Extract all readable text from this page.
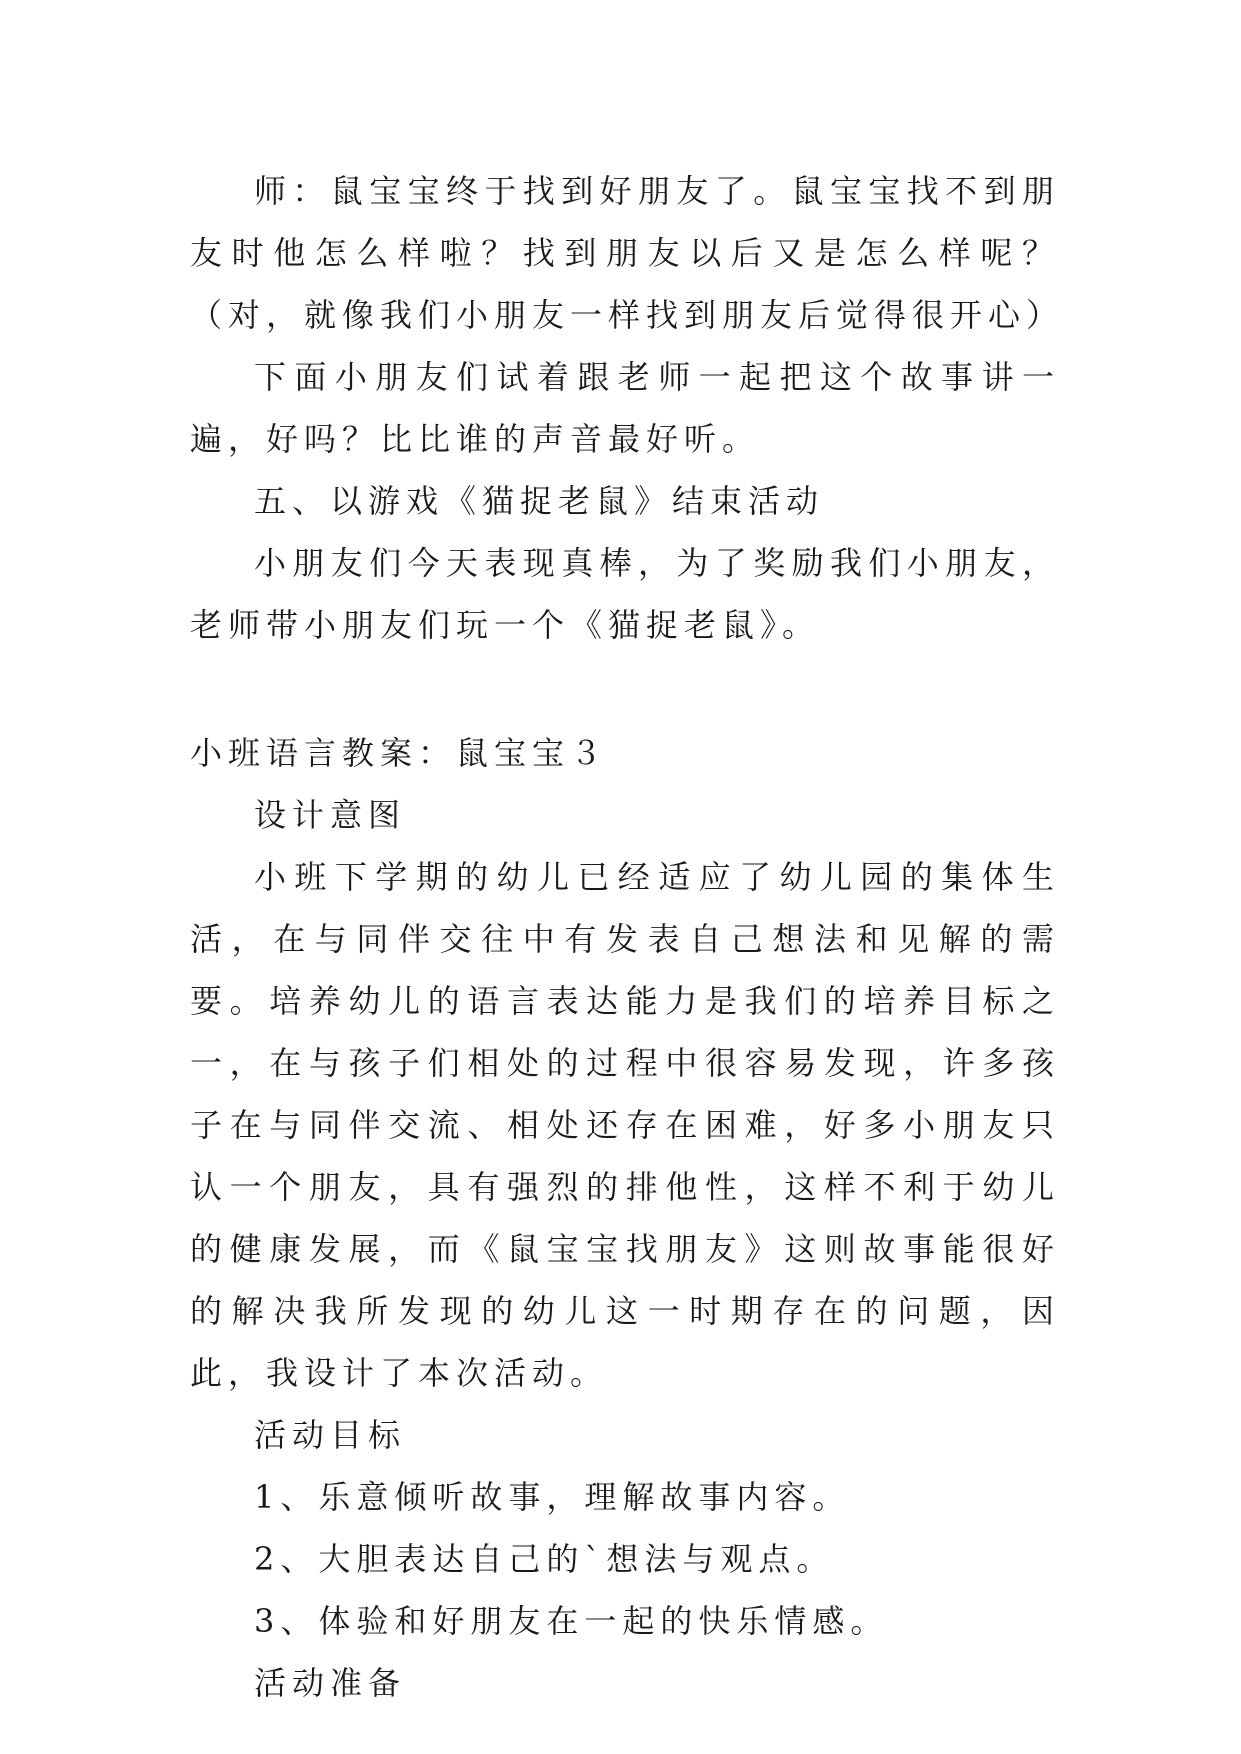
师：鼠宝宝终于找到好朋友了。鼠宝宝找不到朋友时他怎么样啦？找到朋友以后又是怎么样呢？（对，就像我们小朋友一样找到朋友后觉得很开心）

下面小朋友们试着跟老师一起把这个故事讲一遍，好吗？比比谁的声音最好听。

五、以游戏《猫捉老鼠》结束活动

小朋友们今天表现真棒，为了奖励我们小朋友，老师带小朋友们玩一个《猫捉老鼠》。

小班语言教案：鼠宝宝３

设计意图

小班下学期的幼儿已经适应了幼儿园的集体生活，在与同伴交往中有发表自己想法和见解的需要。培养幼儿的语言表达能力是我们的培养目标之一，在与孩子们相处的过程中很容易发现，许多孩子在与同伴交流、相处还存在困难，好多小朋友只认一个朋友，具有强烈的排他性，这样不利于幼儿的健康发展，而《鼠宝宝找朋友》这则故事能很好的解决我所发现的幼儿这一时期存在的问题，因此，我设计了本次活动。

活动目标

1、乐意倾听故事，理解故事内容。

2、大胆表达自己的`想法与观点。

3、体验和好朋友在一起的快乐情感。

活动准备
